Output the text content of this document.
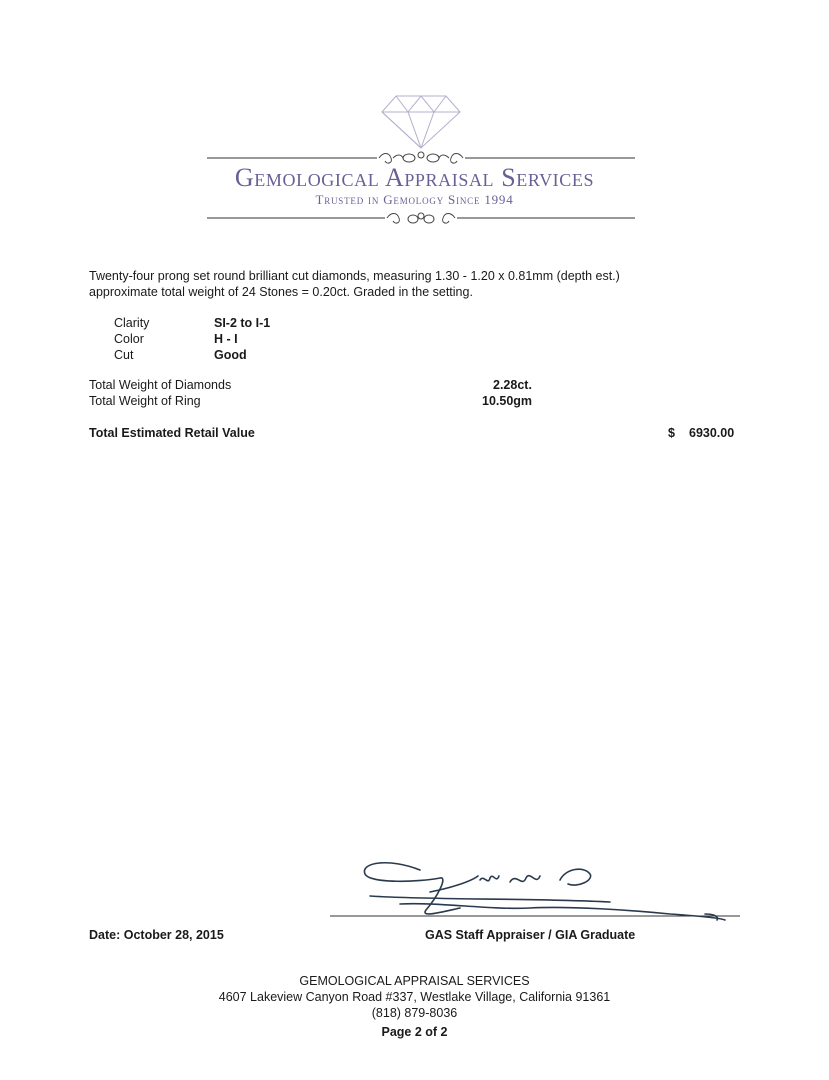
Gemological Appraisal Services
Trusted in Gemology Since 1994
Twenty-four prong set round brilliant cut diamonds, measuring 1.30 - 1.20 x 0.81mm (depth est.)
approximate total weight of 24 Stones = 0.20ct. Graded in the setting.
Clarity	SI-2 to I-1
Color	H - I
Cut	Good
Total Weight of Diamonds	2.28ct.
Total Weight of Ring	10.50gm
Total Estimated Retail Value	$ 6930.00
Date: October 28, 2015	GAS Staff Appraiser / GIA Graduate
GEMOLOGICAL APPRAISAL SERVICES
4607 Lakeview Canyon Road #337, Westlake Village, California 91361
(818) 879-8036
Page 2 of 2
